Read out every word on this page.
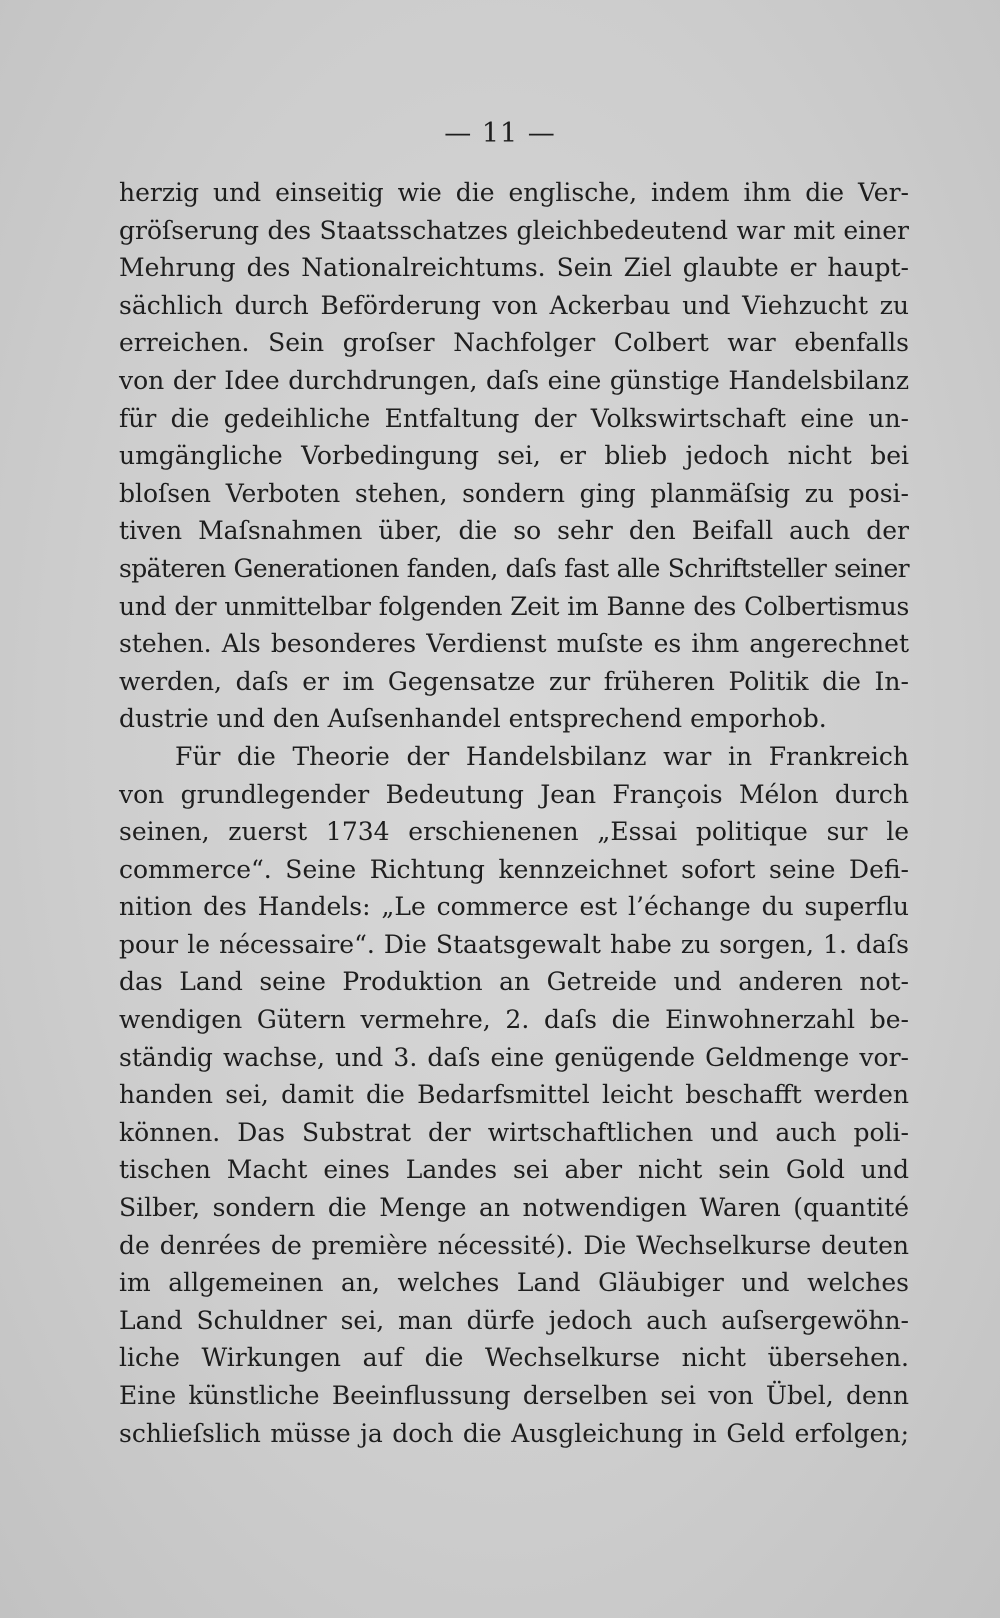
— 11 —
herzig und einseitig wie die englische, indem ihm die Ver-
gröſserung des Staatsschatzes gleichbedeutend war mit einer
Mehrung des Nationalreichtums. Sein Ziel glaubte er haupt-
sächlich durch Beförderung von Ackerbau und Viehzucht zu
erreichen. Sein groſser Nachfolger Colbert war ebenfalls
von der Idee durchdrungen, daſs eine günstige Handelsbilanz
für die gedeihliche Entfaltung der Volkswirtschaft eine un-
umgängliche Vorbedingung sei, er blieb jedoch nicht bei
bloſsen Verboten stehen, sondern ging planmäſsig zu posi-
tiven Maſsnahmen über, die so sehr den Beifall auch der
späteren Generationen fanden, daſs fast alle Schriftsteller seiner
und der unmittelbar folgenden Zeit im Banne des Colbertismus
stehen. Als besonderes Verdienst muſste es ihm angerechnet
werden, daſs er im Gegensatze zur früheren Politik die In-
dustrie und den Auſsenhandel entsprechend emporhob.
Für die Theorie der Handelsbilanz war in Frankreich
von grundlegender Bedeutung Jean François Mélon durch
seinen, zuerst 1734 erschienenen „Essai politique sur le
commerce“. Seine Richtung kennzeichnet sofort seine Defi-
nition des Handels: „Le commerce est l’échange du superflu
pour le nécessaire“. Die Staatsgewalt habe zu sorgen, 1. daſs
das Land seine Produktion an Getreide und anderen not-
wendigen Gütern vermehre, 2. daſs die Einwohnerzahl be-
ständig wachse, und 3. daſs eine genügende Geldmenge vor-
handen sei, damit die Bedarfsmittel leicht beschafft werden
können. Das Substrat der wirtschaftlichen und auch poli-
tischen Macht eines Landes sei aber nicht sein Gold und
Silber, sondern die Menge an notwendigen Waren (quantité
de denrées de première nécessité). Die Wechselkurse deuten
im allgemeinen an, welches Land Gläubiger und welches
Land Schuldner sei, man dürfe jedoch auch auſsergewöhn-
liche Wirkungen auf die Wechselkurse nicht übersehen.
Eine künstliche Beeinflussung derselben sei von Übel, denn
schlieſslich müsse ja doch die Ausgleichung in Geld erfolgen;
